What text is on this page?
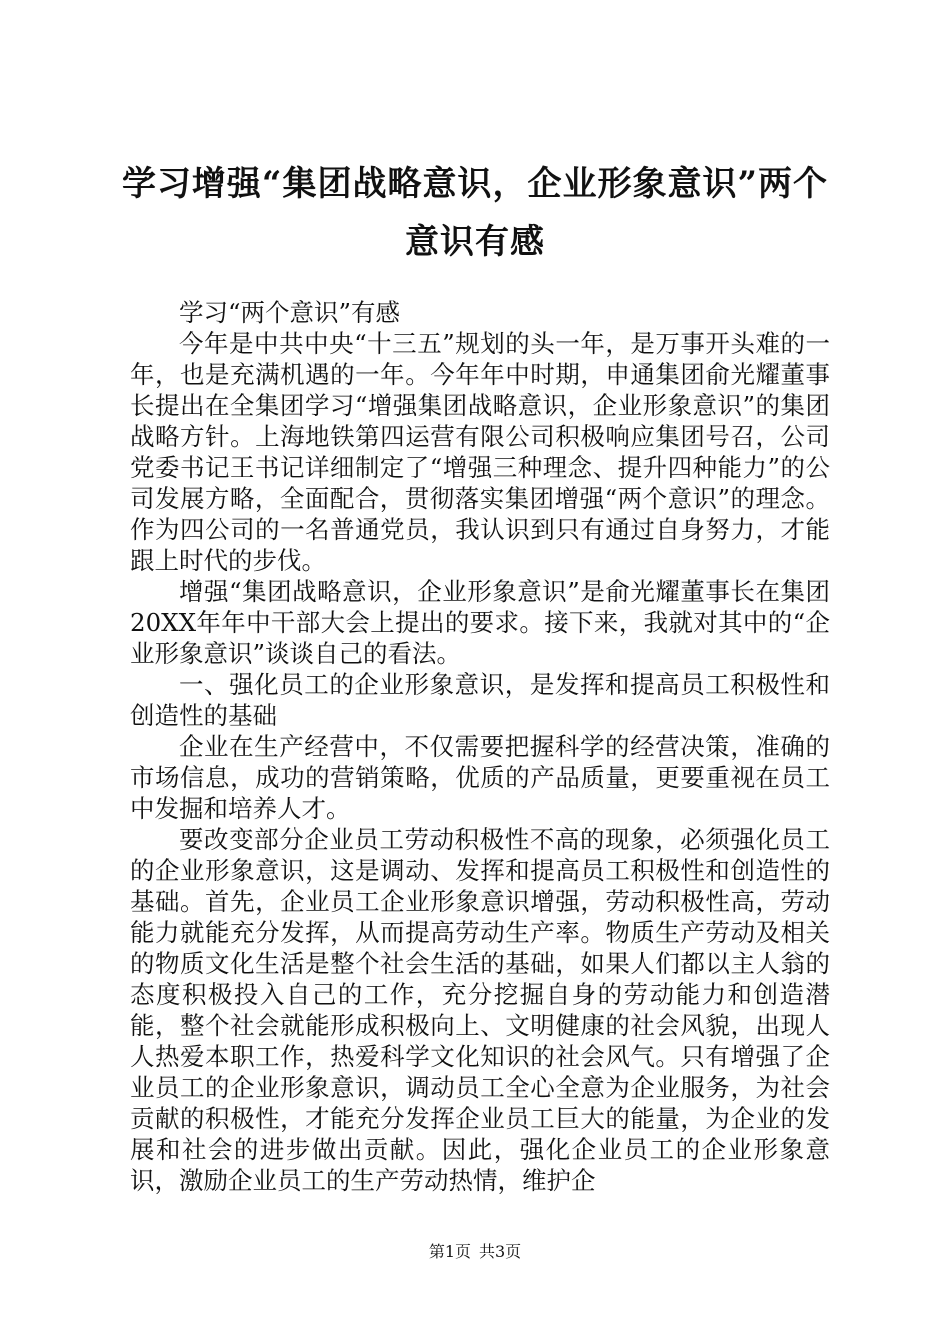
学习增强“集团战略意识，企业形象意识”两个意识有感

学习“两个意识”有感

今年是中共中央“十三五”规划的头一年，是万事开头难的一年，也是充满机遇的一年。今年年中时期，申通集团俞光耀董事长提出在全集团学习“增强集团战略意识，企业形象意识”的集团战略方针。上海地铁第四运营有限公司积极响应集团号召，公司党委书记王书记详细制定了“增强三种理念、提升四种能力”的公司发展方略，全面配合，贯彻落实集团增强“两个意识”的理念。作为四公司的一名普通党员，我认识到只有通过自身努力，才能跟上时代的步伐。

增强“集团战略意识，企业形象意识”是俞光耀董事长在集团20XX年年中干部大会上提出的要求。接下来，我就对其中的“企业形象意识”谈谈自己的看法。

一、强化员工的企业形象意识，是发挥和提高员工积极性和创造性的基础

企业在生产经营中，不仅需要把握科学的经营决策，准确的市场信息，成功的营销策略，优质的产品质量，更要重视在员工中发掘和培养人才。

要改变部分企业员工劳动积极性不高的现象，必须强化员工的企业形象意识，这是调动、发挥和提高员工积极性和创造性的基础。首先，企业员工企业形象意识增强，劳动积极性高，劳动能力就能充分发挥，从而提高劳动生产率。物质生产劳动及相关的物质文化生活是整个社会生活的基础，如果人们都以主人翁的态度积极投入自己的工作，充分挖掘自身的劳动能力和创造潜能，整个社会就能形成积极向上、文明健康的社会风貌，出现人人热爱本职工作，热爱科学文化知识的社会风气。只有增强了企业员工的企业形象意识，调动员工全心全意为企业服务，为社会贡献的积极性，才能充分发挥企业员工巨大的能量，为企业的发展和社会的进步做出贡献。因此，强化企业员工的企业形象意识，激励企业员工的生产劳动热情，维护企

第1页 共3页
